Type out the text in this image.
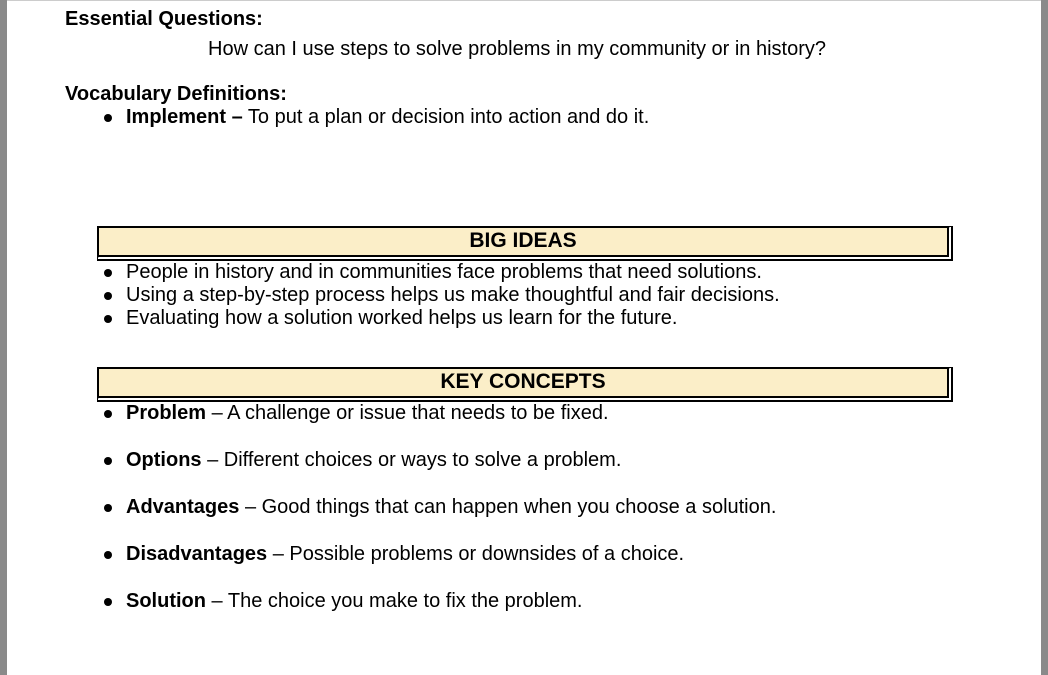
Essential Questions:

How can I use steps to solve problems in my community or in history?

Vocabulary Definitions:
Implement – To put a plan or decision into action and do it.
BIG IDEAS
People in history and in communities face problems that need solutions.
Using a step-by-step process helps us make thoughtful and fair decisions.
Evaluating how a solution worked helps us learn for the future.
KEY CONCEPTS
Problem – A challenge or issue that needs to be fixed.
Options – Different choices or ways to solve a problem.
Advantages – Good things that can happen when you choose a solution.
Disadvantages – Possible problems or downsides of a choice.
Solution – The choice you make to fix the problem.
